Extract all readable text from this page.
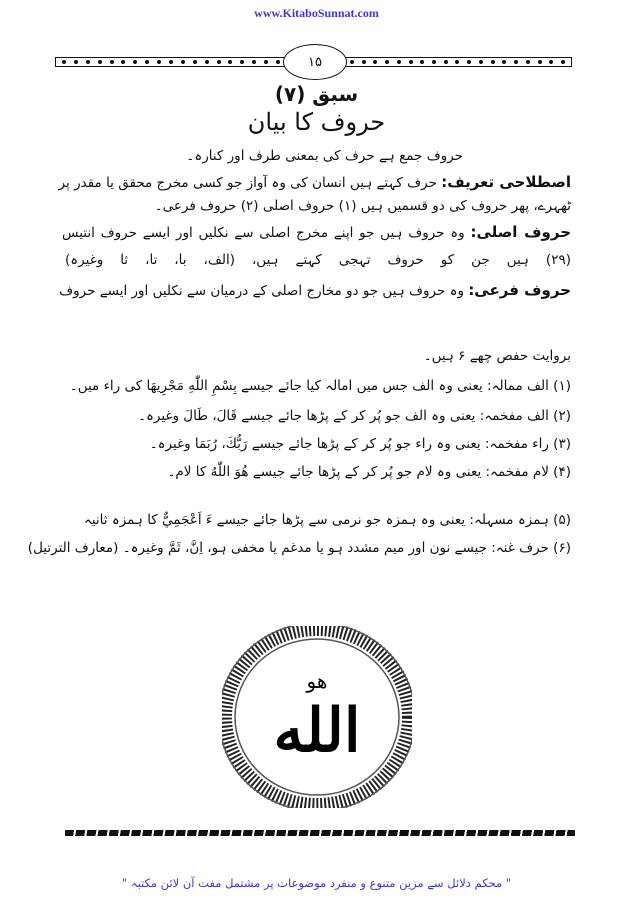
www.KitaboSunnat.com
١۵
سبق (۷)
حروف کا بیان
حروف جمع ہے حرف کی بمعنی طرف اور کنارہ۔
اصطلاحی تعریف: حرف کہتے ہیں انسان کی وہ آواز جو کسی مخرج محقق یا مقدر پر
ٹھہرے، پھر حروف کی دو قسمیں ہیں (۱) حروف اصلی (۲) حروف فرعی۔
حروف اصلی: وہ حروف ہیں جو اپنے مخرج اصلی سے نکلیں اور ایسے حروف انتیس
(۲۹) ہیں جن کو حروف تہجی کہتے ہیں، (الف، با، تا، ثا وغیرہ)
حروف فرعی: وہ حروف ہیں جو دو مخارج اصلی کے درمیان سے نکلیں اور ایسے حروف
بروایت حفص چھے ۶ ہیں۔
(۱) الف ممالہ: یعنی وہ الف جس میں امالہ کیا جائے جیسے بِسْمِ اللّٰهِ مَجْرِيهَا کی راء میں۔
(۲) الف مفخمہ: یعنی وہ الف جو پُر کر کے پڑھا جائے جیسے قَالَ، طَالَ وغیرہ۔
(۳) راء مفخمہ: یعنی وہ راء جو پُر کر کے پڑھا جائے جیسے رَبُّكَ، رُبَمَا وغیرہ۔
(۴) لام مفخمہ: یعنی وہ لام جو پُر کر کے پڑھا جائے جیسے هُوَ اللّٰهُ کا لام۔
(۵) ہمزہ مسہلہ: یعنی وہ ہمزہ جو نرمی سے پڑھا جائے جیسے ءَ اَعْجَمِيٌّ کا ہمزہ ثانیہ
(۶) حرف غنہ: جیسے نون اور میم مشدد ہو یا مدغم یا مخفی ہو، اِنَّ، ثَمَّ وغیرہ۔ (معارف الترتیل)
هو
الله
" محکم دلائل سے مزین متنوع و منفرد موضوعات پر مشتمل مفت آن لائن مکتبہ "
